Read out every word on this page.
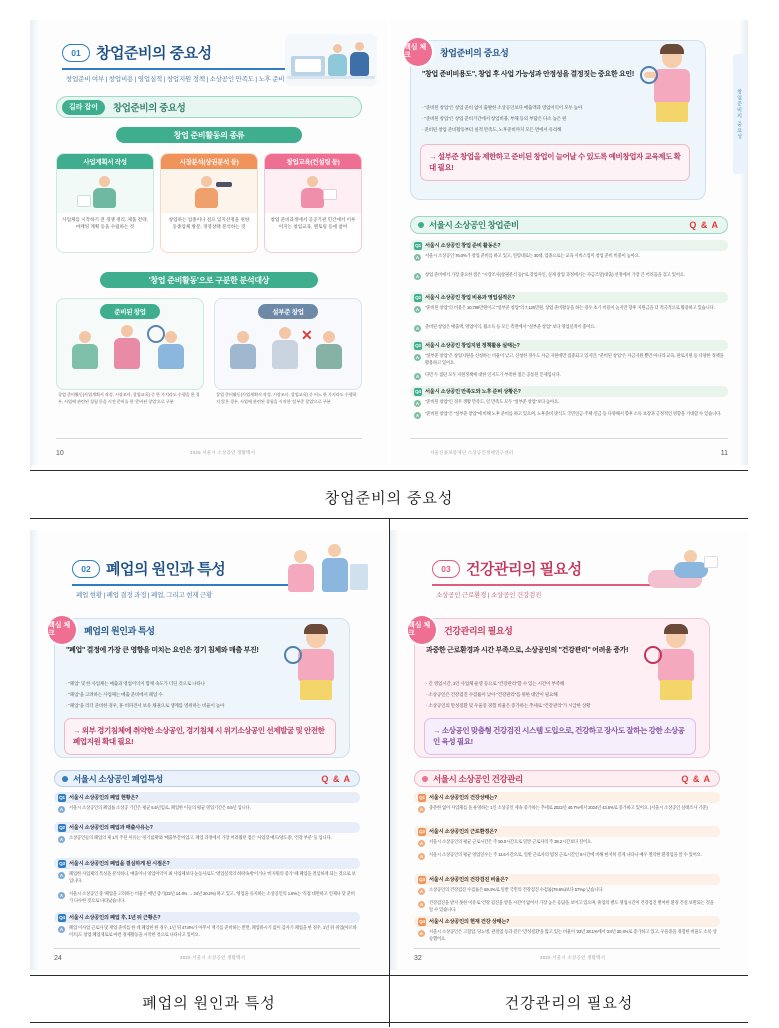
01	창업준비의 중요성
창업준비 여부 | 창업비용 | 영업실적 | 창업지원 정책 | 소상공인 만족도 | 노후 준비
길라 잡이	창업준비의 중요성
창업 준비활동의 종류
사업계획서 작성
사업체를 시작하기 전 경쟁 정리, 제품 전략, 마케팅 계획 등을 수립하는 것
시장분석(상권분석 등)
창업하는 업종이나 점포 입지선정을 위한 동종업체 방문, 경영상태 분석하는 것
창업교육(컨설팅 등)
창업 준비과정에서 공공기관 민간에서 이루어지는 창업교육, 멘토링 등에 참여
'창업 준비활동'으로 구분한 분석대상
준비된 창업
창업 준비활동(사업계획서 작성, 시장조사, 창업교육) 중 한 가지라도 수행을 한 경우, 사업에 관련된 경험 등을 시전 준비를 한 '준비된 창업'으로 구분
설부준 창업
✕
창업 준비활동(사업계획서 작성, 시장조사, 창업교육) 중 어느 한 가지라도 수행하지 않은 경우, 사업에 관련된 경험을 시작한 '설부준 창업'으로 구분
10	2025 서울시 소상공인 생활백서
창업준비의 중요성
핵심 체크	창업준비의 중요성
"창업 준비비용도", 창업 후 사업 가능성과 안정성을 결정짓는 중요한 요인!
· "준비된 창업"은 창업 준비 없이 출발한 소상공인보다 매출액과 영업이익이 모두 높아
· "준비된 창업"은 창업 준비기간에서 창업비용, 부채 등의 부담은 다소 높은 편
· 준비된 창업 준비활동부터 실적 만족도, 노후준비까지 모든 면에서 유리해
→ 설부준 창업을 제한하고 준비된 창업이 늘어날 수 있도록 예비창업자 교육제도 확대 필요!
서울시 소상공인 창업준비	Q & A
Q1 서울시 소상공인 창업 준비 활동은?
A	서울시 소상공인 76.0%가 창업 준비를 하고 있고, 연령대로는 30대, 업종으로는 교육 서비스업이 창업 준비 비중이 높아요.
A	창업 준비에서 가장 중요한 점은 "시장조사(상권분석 등)"로 장업자인, 실제 창업 과정에서는 자금조달(대출) 선정에서 가장 큰 어려움을 겪고 있어요.
Q2 서울시 소상공인 창업 비용과 영업실적은?
A	"준비된 창업"의 비용은 10,789만원이고 "설부준 창업"의 7,120만원. 창업 준비활동을 하는 경우 초기 비용이 높지만 향후 지원금을 더 적극적으로 활용하고 있습니다.
A	준비된 창업은 매출액, 영업이익, 월소득 등 모든 측면에서 "설부준 창업" 보다 영업실적이 좋아요.
Q3 서울시 소상공인 창업지원 정책활용 실태는?
A	"설부준 창업"은 창업지원을 신청하는 비율이 낮고, 신청한 경우도 자금 지원에만 집중되고 있지만, "준비된 창업"은 자금지원 뿐만 아니라 교육, 판로지원 등 다양한 정책을 활용하고 있어요.
A	다만 두 집단 모두 지원정책에 대한 인지도가 부족한 점은 공통된 문제입니다.
Q4 서울시 소상공인 만족도와 노후 준비 상황은?
A	"준비된 창업"인 경우 생활 만족도, 일 만족도 모두 "설부준 창업"보다 높아요.
A	"준비된 창업"은 "설부준 창업"에 비해 노후 준비를 하고 있으며, 노후준비 방식도 국민연금·주택·연금 등 다양해서 향후 소득 보장과 긍정적인 영향을 기대할 수 있습니다.
11
서울신용보증재단 소상공인정책연구센터
창업준비의 중요성
02	폐업의 원인과 특성
폐업 현황 | 폐업 결정 과정 | 폐업, 그리고 현재 근황
핵심 체크	폐업의 원인과 특성
"폐업" 결정에 가장 큰 영향을 미치는 요인은 경기 침체와 매출 부진!
· "폐업" 및 한 사업체는 매출과 영업이익이 함께 속도가 더딘 것으로 나타나
· "폐업"을 고려하는 사업체는 매출 준비에서 폐업 수
· "폐업"을 리더 준비한 경우, 휴·비파견서 보유 채권으로 생계를 영위하는 비율이 높아
→ 외부 경기침체에 취약한 소상공인, 경기침체 시 위기소상공인 선제발굴 및 안전한 폐업지원 확대 필요!
서울시 소상공인 폐업특성	Q & A
Q1 서울시 소상공인의 폐업 현황은?
A	서울시 소상공인의 폐업률 소상공 기간은 평균 5.5년임로, 폐업한 이들의 평균 영업기간은 9.5년 입니다.
Q2 서울시 소상공인의 폐업과 매출사유는?
A	소상공인들의 폐업의 제 1의 주된 이유는 '경기침체'와 '매출부진'이었고, 폐업 과정에서 가장 어려웠던 점은 '사업장 매도/양도중', '건강 부분' 등 입니다.
Q3 서울시 소상공인의 폐업을 결심하게 된 시점은?
A	폐업한 사업체의 특성을 분석하니, 매출이나 영업이익이 최 사업체보다 눈동사로도 '영업실적의 하락속세'이거나 '비지워의 증가' 때 폐업을 결심하게 되는 것으로 보입니다.
A	서울시 소상공인 중 '폐업을 고려하는 비율은 매년 증가(22년 14.4% → 24년 20.2%) 하고 있고, '영업을 유지하는 소상공인의 1.6%는 '직접 대면하고 언제나 닫 준비가 다수한 것으로 나타났습니다.
Q4 서울시 소상공인의 폐업 후, 1년 뒤 근황은?
A	폐업 이사업 근로자 및 재업 준비를 한 데 폐업한 한 경우, 1년 뒤 47.8%가 아무서 재기를 준비하는 반면, 폐업하시기 없이 갑자기 폐업을 한 경우, 1년 뒤 취업(아르바이트)도 창업 폐업제로로 마련 경제활동을 시작한 것으로 나타나고 있어요.
24	2025 서울시 소상공인 생활백서
03	건강관리의 필요성
소상공인 근로환경 | 소상공인 건강검진
핵심 체크	건강관리의 필요성
과중한 근로환경과 시간 부족으로, 소상공인의 "건강관리" 어려움 증가!
· 긴 영업시간, 1인 사업체 운영 등으로 "건강관리"할 수 있는 시간이 부족해
· 소상공인은 건강검진 수검률이 낮아 "건강관리"를 위한 대안이 필요해
· 소상공인의 만성질환 및 우울증 경험 비율은 증가하는 추세로 "건강관리"가 시급한 상황
→ 소상공인 맞춤형 건강검진 시스템 도입으로, 건강하고 장사도 잘하는 강한 소상공인 육성 필요!
서울시 소상공인 건강관리	Q & A
Q1 서울시 소상공인의 건강상태는?
A	충분한 없이 사업체를 돌 운영하는 1인 소상공인 제속 증가하는 추세로 2022년 40.7%에서 2024년 43.6%로 증가하고 있어요. (서울시 소상공인 실태조사 기준)
Q2 서울시 소상공인의 근로환경은?
A	서울시 소상공인의 평균 근로시간은 주 50.0시간으로 일반 근로자의 주 38.2시간보다 길어요.
A	서울시 소상공인의 평균 영업일수는 주 11.6시간으로, 일반 근로자의 법정 근로시간인 8시간에 비해 현저히 길게 나타나 매우 열악한 환경임을 알 수 있어요.
Q3 서울시 소상공인의 건강검진 비율은?
A	소상공인의 건강검진 수검률은 69.4%로 일반 국민의 건강검진 수검률(79.6%)보다 57%p 낮습니다.
A	건강검진을 받지 못한 이유로 '건강 검진을 받을 시간이 없어서 가장 높은 응답을 보이고 있으며, 휴업의 별도 영업시간이 건강검진 별여한 환경 건설 보완되는 것을 알 수 있습니다.
Q4 서울시 소상공인의 현재 건강 상태는?
A	서울시 소상공인은 고혈압, 당뇨병, 관절염 등과 같은 '만성질환'을 앓고 있는 비율이 '23년 28.1%에서 '24년 30.4%로 증가하고 있고, 우울증을 경험한 비율도 소폭 상승했어요.
32	2025 서울시 소상공인 생활백서
폐업의 원인과 특성	건강관리의 필요성
